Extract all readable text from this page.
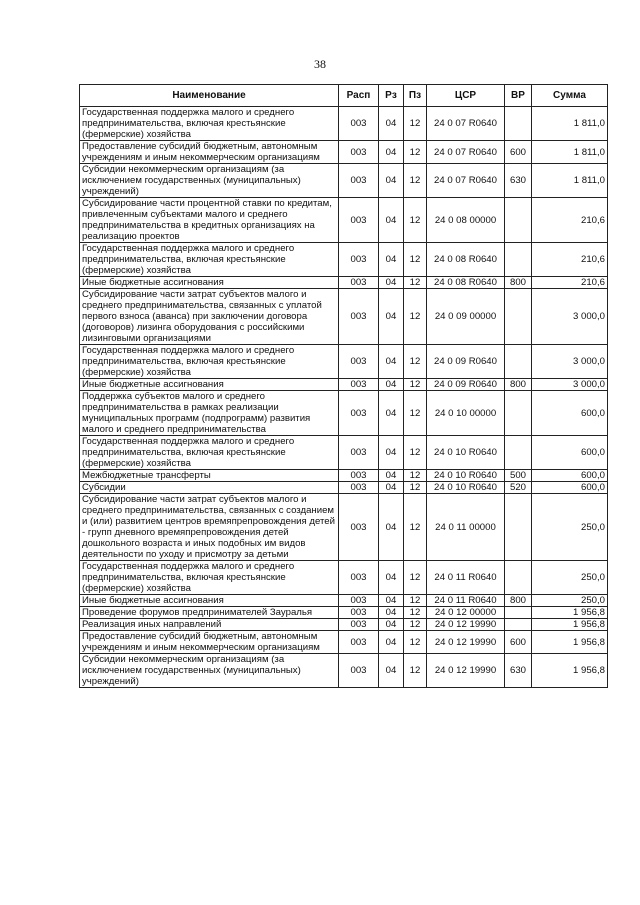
38
Наименование	Расп	Рз	Пз	ЦСР	ВР	Сумма
Государственная поддержка малого и среднего предпринимательства, включая крестьянские (фермерские) хозяйства	003	04	12	24 0 07 R0640		1 811,0
Предоставление субсидий бюджетным, автономным учреждениям и иным некоммерческим организациям	003	04	12	24 0 07 R0640	600	1 811,0
Субсидии некоммерческим организациям (за исключением государственных (муниципальных) учреждений)	003	04	12	24 0 07 R0640	630	1 811,0
Субсидирование части процентной ставки по кредитам, привлеченным субъектами малого и среднего предпринимательства в кредитных организациях на реализацию проектов	003	04	12	24 0 08 00000		210,6
Государственная поддержка малого и среднего предпринимательства, включая крестьянские (фермерские) хозяйства	003	04	12	24 0 08 R0640		210,6
Иные бюджетные ассигнования	003	04	12	24 0 08 R0640	800	210,6
Субсидирование части затрат субъектов малого и среднего предпринимательства, связанных с уплатой первого взноса (аванса) при заключении договора (договоров) лизинга оборудования с российскими лизинговыми организациями	003	04	12	24 0 09 00000		3 000,0
Государственная поддержка малого и среднего предпринимательства, включая крестьянские (фермерские) хозяйства	003	04	12	24 0 09 R0640		3 000,0
Иные бюджетные ассигнования	003	04	12	24 0 09 R0640	800	3 000,0
Поддержка субъектов малого и среднего предпринимательства в рамках реализации муниципальных программ (подпрограмм) развития малого и среднего предпринимательства	003	04	12	24 0 10 00000		600,0
Государственная поддержка малого и среднего предпринимательства, включая крестьянские (фермерские) хозяйства	003	04	12	24 0 10 R0640		600,0
Межбюджетные трансферты	003	04	12	24 0 10 R0640	500	600,0
Субсидии	003	04	12	24 0 10 R0640	520	600,0
Субсидирование части затрат субъектов малого и среднего предпринимательства, связанных с созданием и (или) развитием центров времяпрепровождения детей - групп дневного времяпрепровождения детей дошкольного возраста и иных подобных им видов деятельности по уходу и присмотру за детьми	003	04	12	24 0 11 00000		250,0
Государственная поддержка малого и среднего предпринимательства, включая крестьянские (фермерские) хозяйства	003	04	12	24 0 11 R0640		250,0
Иные бюджетные ассигнования	003	04	12	24 0 11 R0640	800	250,0
Проведение форумов предпринимателей Зауралья	003	04	12	24 0 12 00000		1 956,8
Реализация иных направлений	003	04	12	24 0 12 19990		1 956,8
Предоставление субсидий бюджетным, автономным учреждениям и иным некоммерческим организациям	003	04	12	24 0 12 19990	600	1 956,8
Субсидии некоммерческим организациям (за исключением государственных (муниципальных) учреждений)	003	04	12	24 0 12 19990	630	1 956,8
